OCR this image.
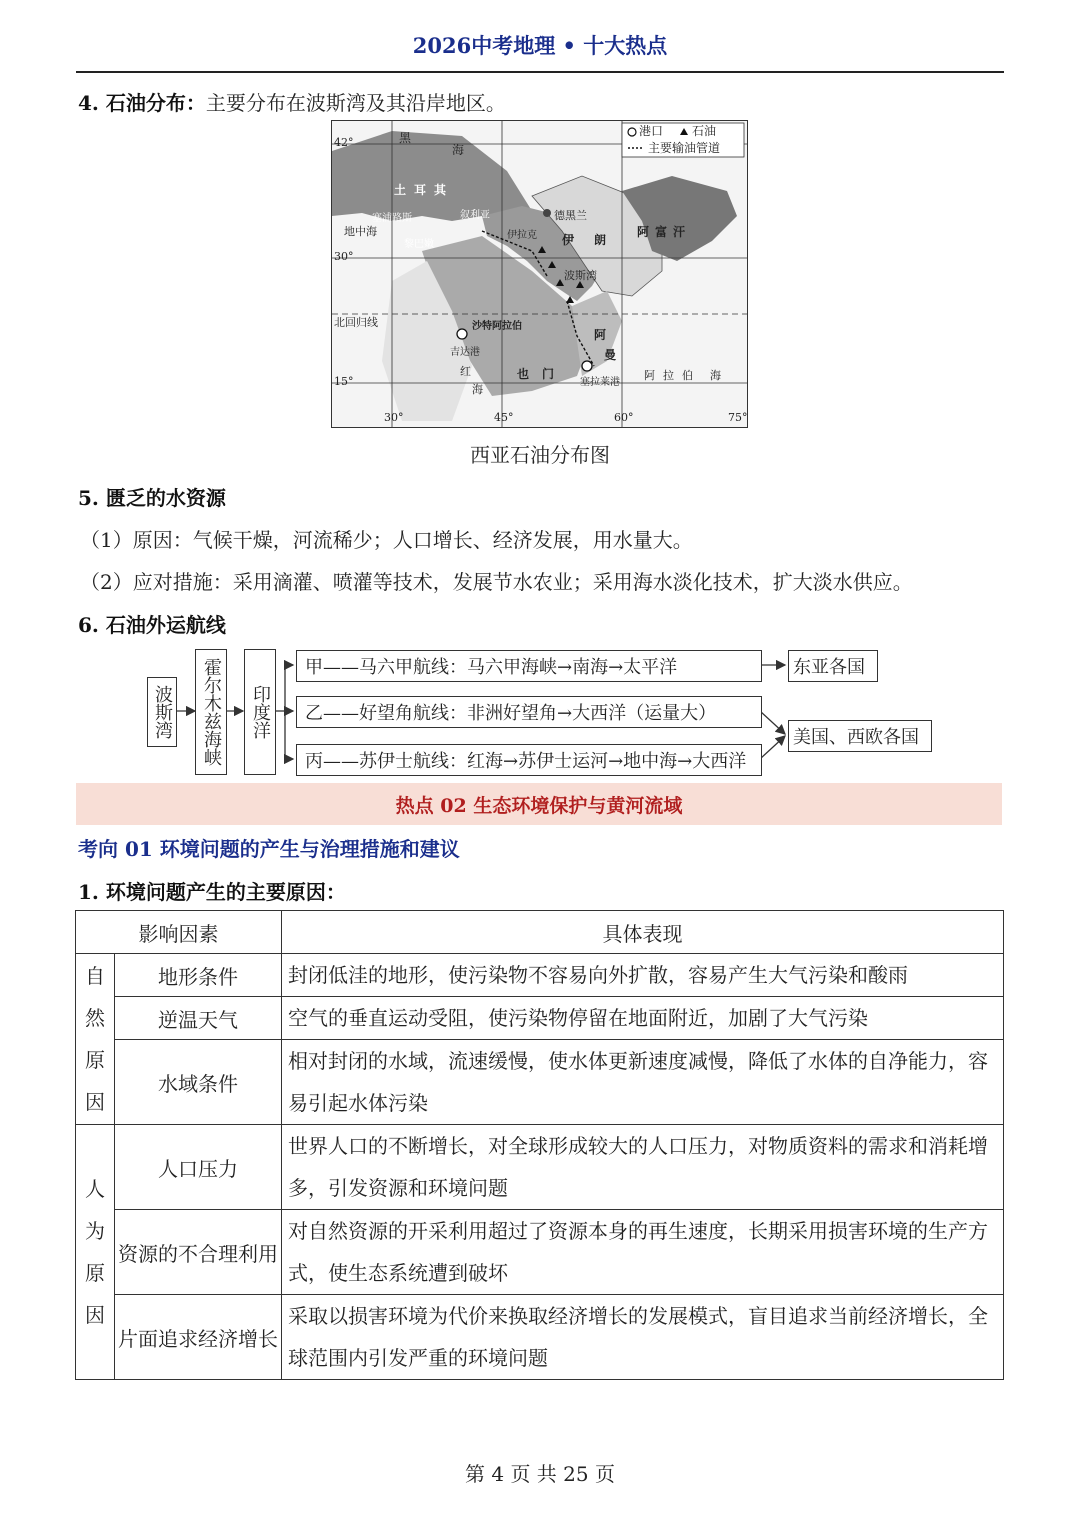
2026中考地理 • 十大热点
4. 石油分布：主要分布在波斯湾及其沿岸地区。
港口 石油
主要输油管道
42°
30°
北回归线
15°
30°	45°	60°	75°
黑
海
土耳其
地中海
塞浦路斯
黎巴嫩
叙利亚
伊拉克
德黑兰
伊 朗
阿富汗
波斯湾
沙特阿拉伯
吉达港
阿
曼
也 门
塞拉莱港
阿拉伯 海
红
海
西亚石油分布图
5. 匮乏的水资源
（1）原因：气候干燥，河流稀少；人口增长、经济发展，用水量大。
（2）应对措施：采用滴灌、喷灌等技术，发展节水农业；采用海水淡化技术，扩大淡水供应。
6. 石油外运航线
波斯湾	霍尔木兹海峡	印度洋
甲——马六甲航线：马六甲海峡→南海→太平洋
乙——好望角航线：非洲好望角→大西洋（运量大）
丙——苏伊士航线：红海→苏伊士运河→地中海→大西洋
东亚各国
美国、西欧各国
热点 02 生态环境保护与黄河流域
考向 01 环境问题的产生与治理措施和建议
1. 环境问题产生的主要原因：
影响因素		具体表现

自
然
原
因	地形条件	封闭低洼的地形，使污染物不容易向外扩散，容易产生大气污染和酸雨
	逆温天气	空气的垂直运动受阻，使污染物停留在地面附近，加剧了大气污染
	水域条件	相对封闭的水域，流速缓慢，使水体更新速度减慢，降低了水体的自净能力，容易引起水体污染

人
为
原
因	人口压力	世界人口的不断增长，对全球形成较大的人口压力，对物质资料的需求和消耗增多，引发资源和环境问题
	资源的不合理利用	对自然资源的开采利用超过了资源本身的再生速度，长期采用损害环境的生产方式，使生态系统遭到破坏
	片面追求经济增长	采取以损害环境为代价来换取经济增长的发展模式，盲目追求当前经济增长，全球范围内引发严重的环境问题
第 4 页 共 25 页
